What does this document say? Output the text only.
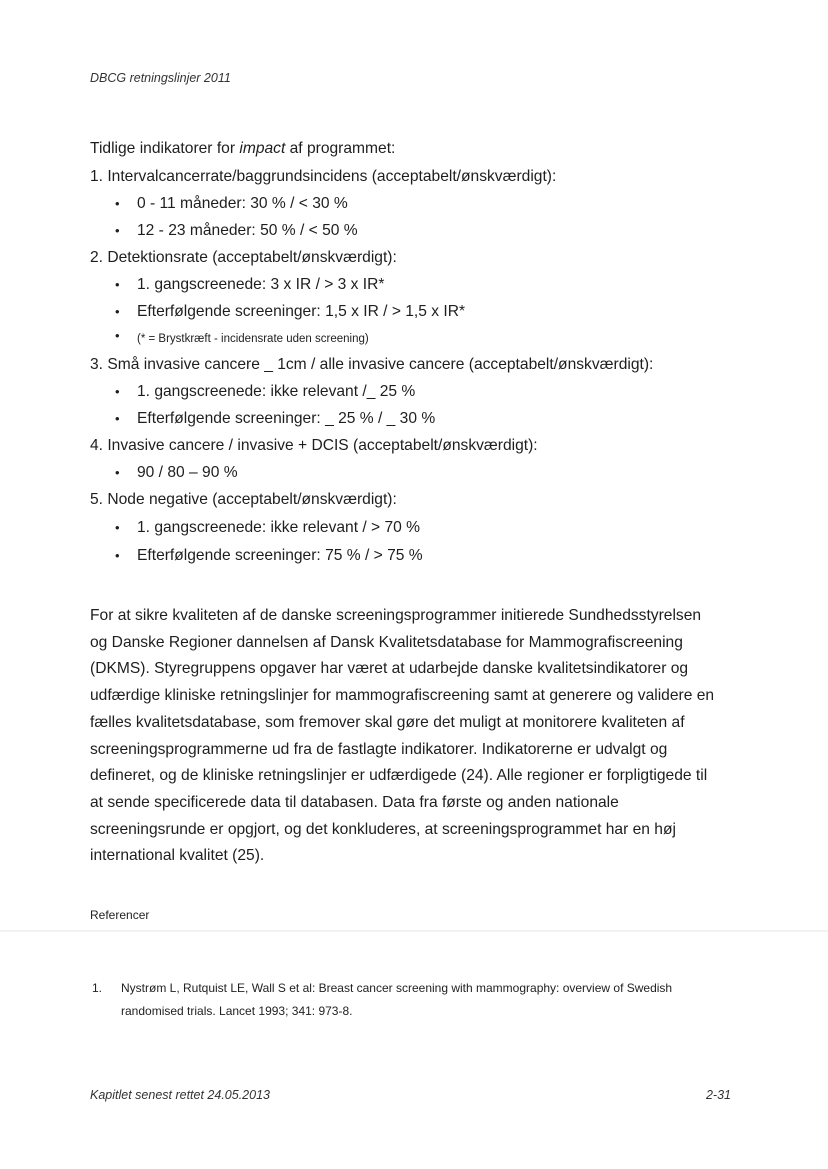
DBCG retningslinjer 2011
Tidlige indikatorer for impact af programmet:
1. Intervalcancerrate/baggrundsincidens (acceptabelt/ønskværdigt):
• 0 - 11 måneder: 30 % / < 30 %
• 12 - 23 måneder: 50 % / < 50 %
2. Detektionsrate (acceptabelt/ønskværdigt):
• 1. gangscreenede: 3 x IR / > 3 x IR*
• Efterfølgende screeninger: 1,5 x IR / > 1,5 x IR*
• (* = Brystkræft - incidensrate uden screening)
3. Små invasive cancere _ 1cm / alle invasive cancere (acceptabelt/ønskværdigt):
• 1. gangscreenede: ikke relevant /_ 25 %
• Efterfølgende screeninger: _ 25 % / _ 30 %
4. Invasive cancere / invasive + DCIS (acceptabelt/ønskværdigt):
• 90 / 80 – 90 %
5. Node negative (acceptabelt/ønskværdigt):
• 1. gangscreenede: ikke relevant / > 70 %
• Efterfølgende screeninger: 75 % / > 75 %
For at sikre kvaliteten af de danske screeningsprogrammer initierede Sundhedsstyrelsen
og Danske Regioner dannelsen af Dansk Kvalitetsdatabase for Mammografiscreening
(DKMS). Styregruppens opgaver har været at udarbejde danske kvalitetsindikatorer og
udfærdige kliniske retningslinjer for mammografiscreening samt at generere og validere en
fælles kvalitetsdatabase, som fremover skal gøre det muligt at monitorere kvaliteten af
screeningsprogrammerne ud fra de fastlagte indikatorer. Indikatorerne er udvalgt og
defineret, og de kliniske retningslinjer er udfærdigede (24). Alle regioner er forpligtigede til
at sende specificerede data til databasen. Data fra første og anden nationale
screeningsrunde er opgjort, og det konkluderes, at screeningsprogrammet har en høj
international kvalitet (25).
Referencer
1. Nystrøm L, Rutquist LE, Wall S et al: Breast cancer screening with mammography: overview of Swedish
randomised trials. Lancet 1993; 341: 973-8.
Kapitlet senest rettet 24.05.2013	2-31
